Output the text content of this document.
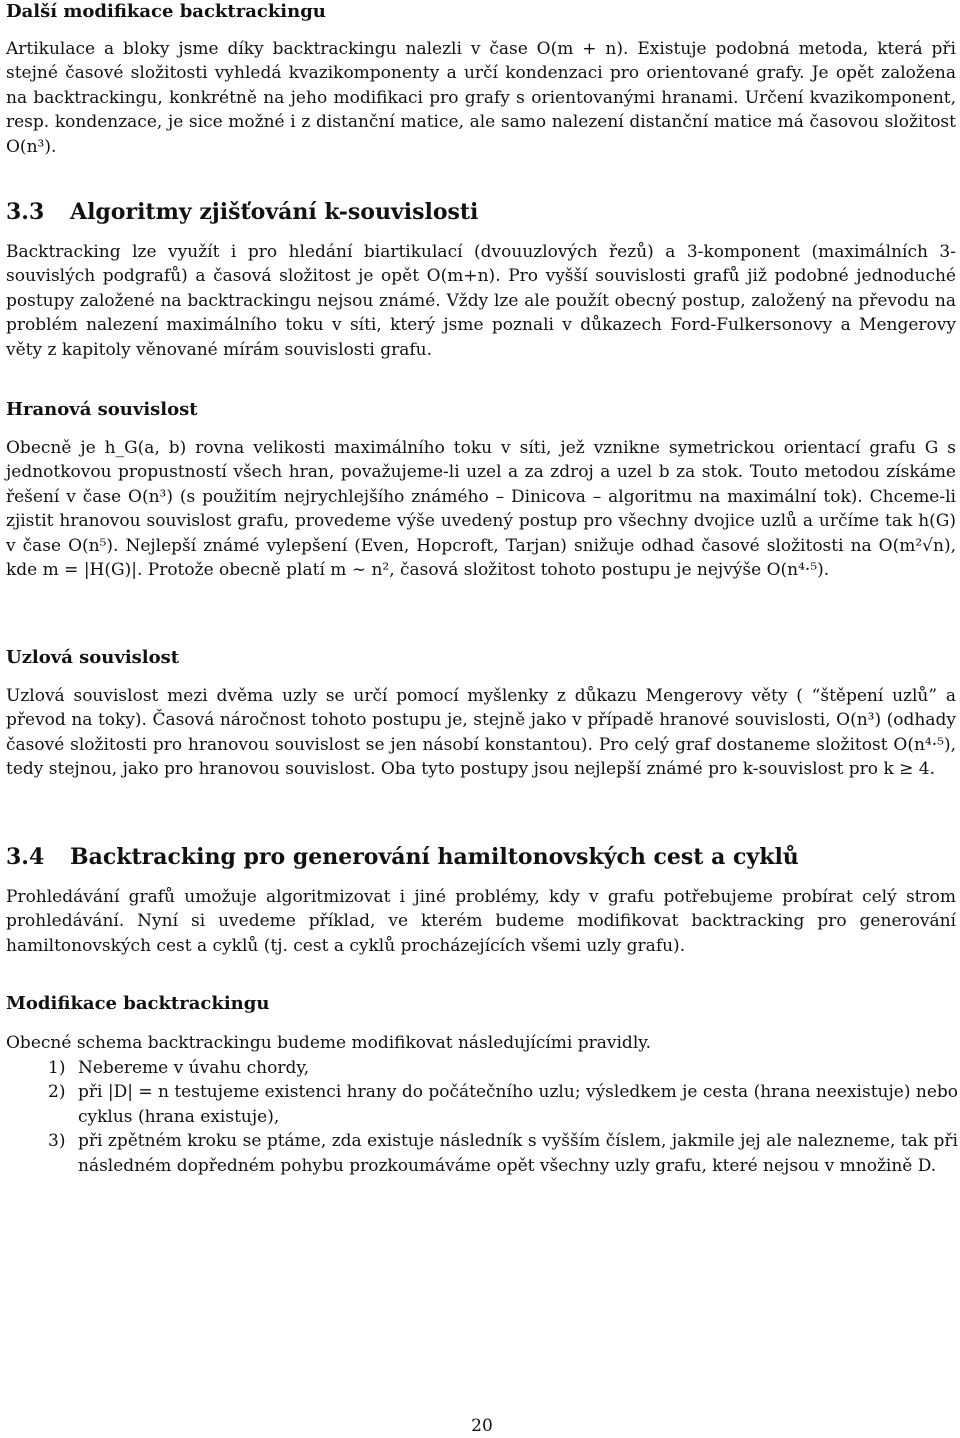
Další modifikace backtrackingu

Artikulace a bloky jsme díky backtrackingu nalezli v čase O(m + n). Existuje podobná metoda, která při stejné časové složitosti vyhledá kvazikomponenty a určí kondenzaci pro orientované grafy. Je opět založena na backtrackingu, konkrétně na jeho modifikaci pro grafy s orientovanými hranami. Určení kvazikomponent, resp. kondenzace, je sice možné i z distanční matice, ale samo nalezení distanční matice má časovou složitost O(n³).

3.3 Algoritmy zjišťování k-souvislosti

Backtracking lze využít i pro hledání biartikulací (dvouuzlových řezů) a 3-komponent (maximálních 3-souvislých podgrafů) a časová složitost je opět O(m+n). Pro vyšší souvislosti grafů již podobné jednoduché postupy založené na backtrackingu nejsou známé. Vždy lze ale použít obecný postup, založený na převodu na problém nalezení maximálního toku v síti, který jsme poznali v důkazech Ford-Fulkersonovy a Mengerovy věty z kapitoly věnované mírám souvislosti grafu.

Hranová souvislost

Obecně je h_G(a, b) rovna velikosti maximálního toku v síti, jež vznikne symetrickou orientací grafu G s jednotkovou propustností všech hran, považujeme-li uzel a za zdroj a uzel b za stok. Touto metodou získáme řešení v čase O(n³) (s použitím nejrychlejšího známého – Dinicova – algoritmu na maximální tok). Chceme-li zjistit hranovou souvislost grafu, provedeme výše uvedený postup pro všechny dvojice uzlů a určíme tak h(G) v čase O(n⁵). Nejlepší známé vylepšení (Even, Hopcroft, Tarjan) snižuje odhad časové složitosti na O(m²√n), kde m = |H(G)|. Protože obecně platí m ∼ n², časová složitost tohoto postupu je nejvýše O(n⁴·⁵).

Uzlová souvislost

Uzlová souvislost mezi dvěma uzly se určí pomocí myšlenky z důkazu Mengerovy věty ( “štěpení uzlů” a převod na toky). Časová náročnost tohoto postupu je, stejně jako v případě hranové souvislosti, O(n³) (odhady časové složitosti pro hranovou souvislost se jen násobí konstantou). Pro celý graf dostaneme složitost O(n⁴·⁵), tedy stejnou, jako pro hranovou souvislost. Oba tyto postupy jsou nejlepší známé pro k-souvislost pro k ≥ 4.

3.4 Backtracking pro generování hamiltonovských cest a cyklů

Prohledávání grafů umožuje algoritmizovat i jiné problémy, kdy v grafu potřebujeme probírat celý strom prohledávání. Nyní si uvedeme příklad, ve kterém budeme modifikovat backtracking pro generování hamiltonovských cest a cyklů (tj. cest a cyklů procházejících všemi uzly grafu).

Modifikace backtrackingu

Obecné schema backtrackingu budeme modifikovat následujícími pravidly.

1) Nebereme v úvahu chordy,
2) při |D| = n testujeme existenci hrany do počátečního uzlu; výsledkem je cesta (hrana neexistuje) nebo cyklus (hrana existuje),
3) při zpětném kroku se ptáme, zda existuje následník s vyšším číslem, jakmile jej ale nalezneme, tak při následném dopředném pohybu prozkoumáváme opět všechny uzly grafu, které nejsou v množině D.
20
